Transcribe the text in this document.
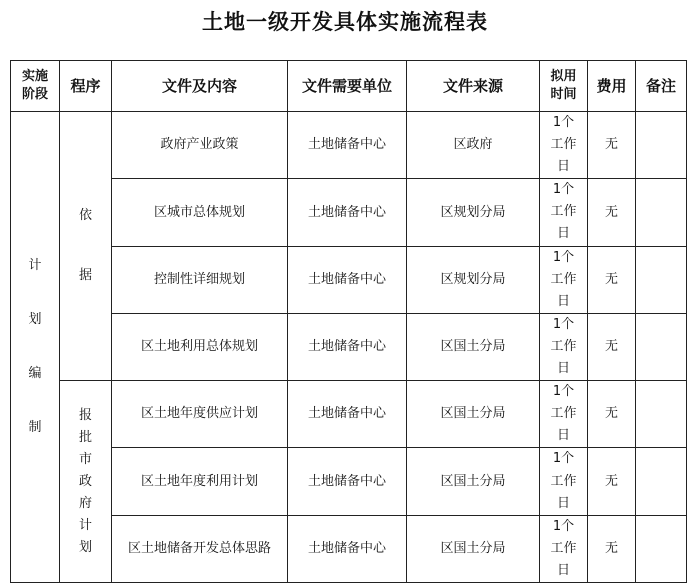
土地一级开发具体实施流程表
实施阶段	程序	文件及内容	文件需要单位	文件来源	拟用时间	费用	备注

计划编制	依据	政府产业政策	土地储备中心	区政府	1个工作日	无	
		区城市总体规划	土地储备中心	区规划分局	1个工作日	无	
		控制性详细规划	土地储备中心	区规划分局	1个工作日	无	
		区土地利用总体规划	土地储备中心	区国土分局	1个工作日	无	

	报批市政府计划	区土地年度供应计划	土地储备中心	区国土分局	1个工作日	无	
		区土地年度利用计划	土地储备中心	区国土分局	1个工作日	无	
		区土地储备开发总体思路	土地储备中心	区国土分局	1个工作日	无	
